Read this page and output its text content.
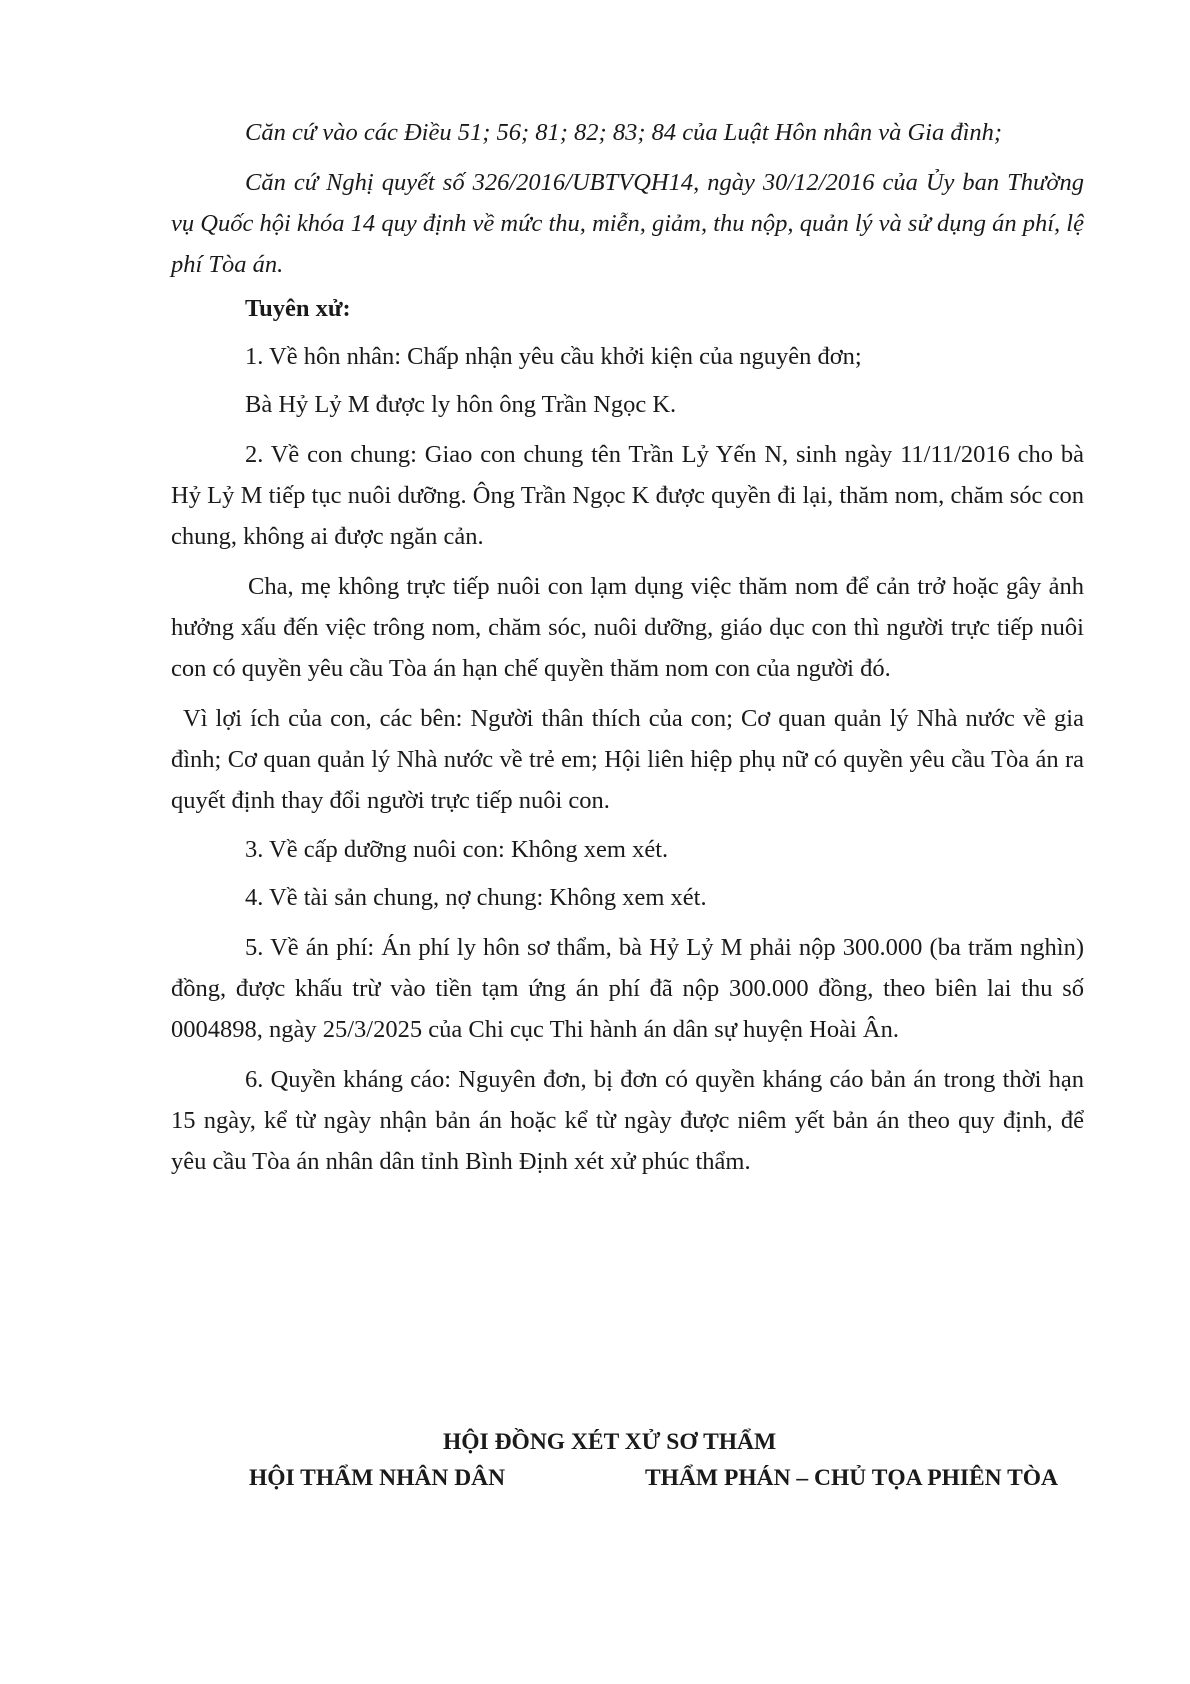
Căn cứ vào các Điều 51; 56; 81; 82; 83; 84 của Luật Hôn nhân và Gia đình;

Căn cứ Nghị quyết số 326/2016/UBTVQH14, ngày 30/12/2016 của Ủy ban Thường vụ Quốc hội khóa 14 quy định về mức thu, miễn, giảm, thu nộp, quản lý và sử dụng án phí, lệ phí Tòa án.

Tuyên xử:

1. Về hôn nhân: Chấp nhận yêu cầu khởi kiện của nguyên đơn;

Bà Hỷ Lỷ M được ly hôn ông Trần Ngọc K.

2. Về con chung: Giao con chung tên Trần Lỷ Yến N, sinh ngày 11/11/2016 cho bà Hỷ Lỷ M tiếp tục nuôi dưỡng. Ông Trần Ngọc K được quyền đi lại, thăm nom, chăm sóc con chung, không ai được ngăn cản.

Cha, mẹ không trực tiếp nuôi con lạm dụng việc thăm nom để cản trở hoặc gây ảnh hưởng xấu đến việc trông nom, chăm sóc, nuôi dưỡng, giáo dục con thì người trực tiếp nuôi con có quyền yêu cầu Tòa án hạn chế quyền thăm nom con của người đó.

Vì lợi ích của con, các bên: Người thân thích của con; Cơ quan quản lý Nhà nước về gia đình; Cơ quan quản lý Nhà nước về trẻ em; Hội liên hiệp phụ nữ có quyền yêu cầu Tòa án ra quyết định thay đổi người trực tiếp nuôi con.

3. Về cấp dưỡng nuôi con: Không xem xét.

4. Về tài sản chung, nợ chung: Không xem xét.

5. Về án phí: Án phí ly hôn sơ thẩm, bà Hỷ Lỷ M phải nộp 300.000 (ba trăm nghìn) đồng, được khấu trừ vào tiền tạm ứng án phí đã nộp 300.000 đồng, theo biên lai thu số 0004898, ngày 25/3/2025 của Chi cục Thi hành án dân sự huyện Hoài Ân.

6. Quyền kháng cáo: Nguyên đơn, bị đơn có quyền kháng cáo bản án trong thời hạn 15 ngày, kể từ ngày nhận bản án hoặc kể từ ngày được niêm yết bản án theo quy định, để yêu cầu Tòa án nhân dân tỉnh Bình Định xét xử phúc thẩm.

HỘI ĐỒNG XÉT XỬ SƠ THẨM
HỘI THẨM NHÂN DÂN	THẨM PHÁN – CHỦ TỌA PHIÊN TÒA
